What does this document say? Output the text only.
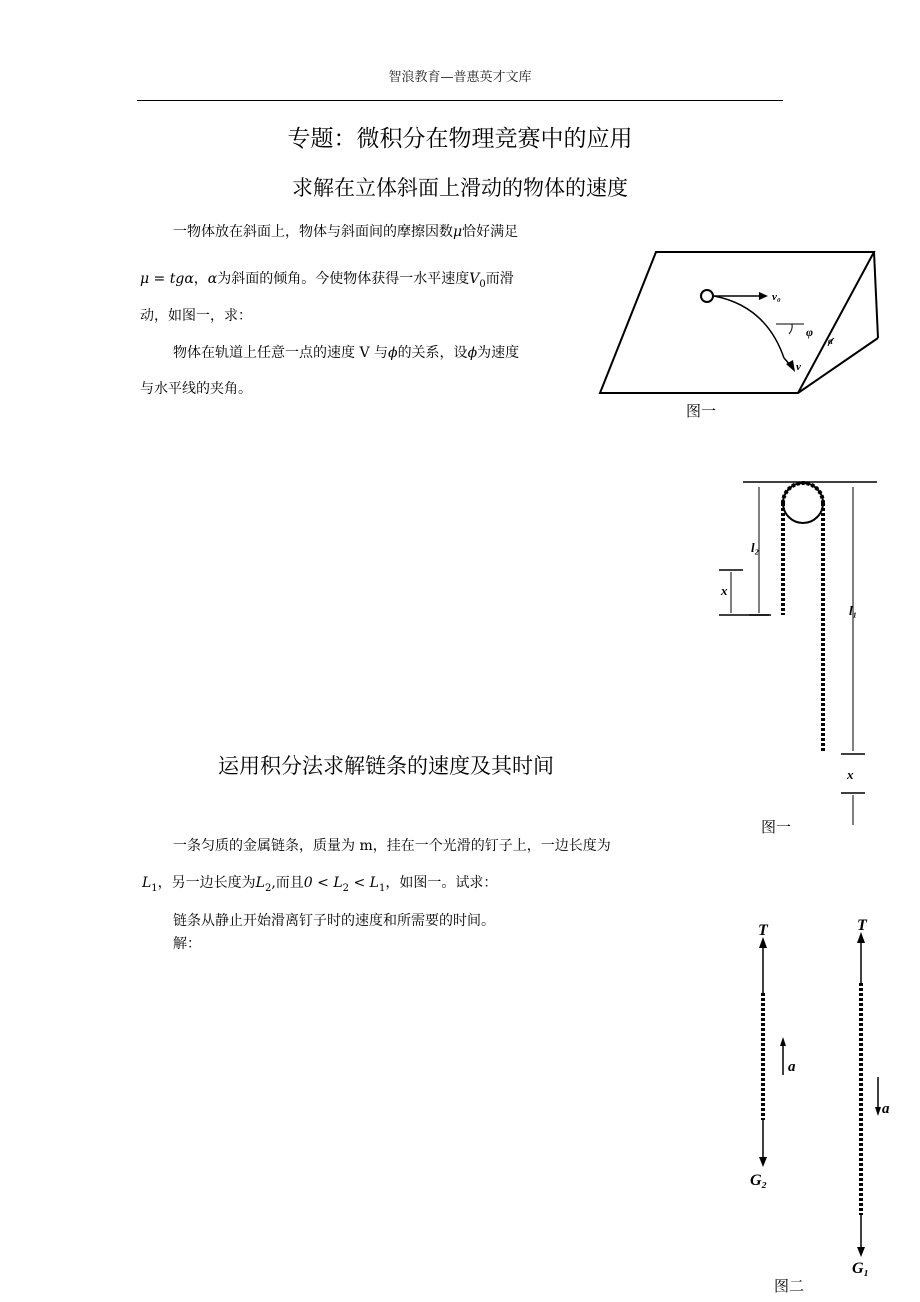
智浪教育—普惠英才文库
专题：微积分在物理竞赛中的应用
求解在立体斜面上滑动的物体的速度
一物体放在斜面上，物体与斜面间的摩擦因数μ恰好满足
μ = tgα，α为斜面的倾角。今使物体获得一水平速度$V_0$而滑
动，如图一，求：
物体在轨道上任意一点的速度 V 与ϕ的关系，设ϕ为速度
与水平线的夹角。
v₀
v
φ
α
图一
运用积分法求解链条的速度及其时间
一条匀质的金属链条，质量为 m，挂在一个光滑的钉子上，一边长度为
$L_1$，另一边长度为$L_2$,而且$0 < L_2 < L_1$，如图一。试求：
链条从静止开始滑离钉子时的速度和所需要的时间。
解：
l₂
x
l₁
x
图一
T	T
a
a
G₂
G₁
图二
